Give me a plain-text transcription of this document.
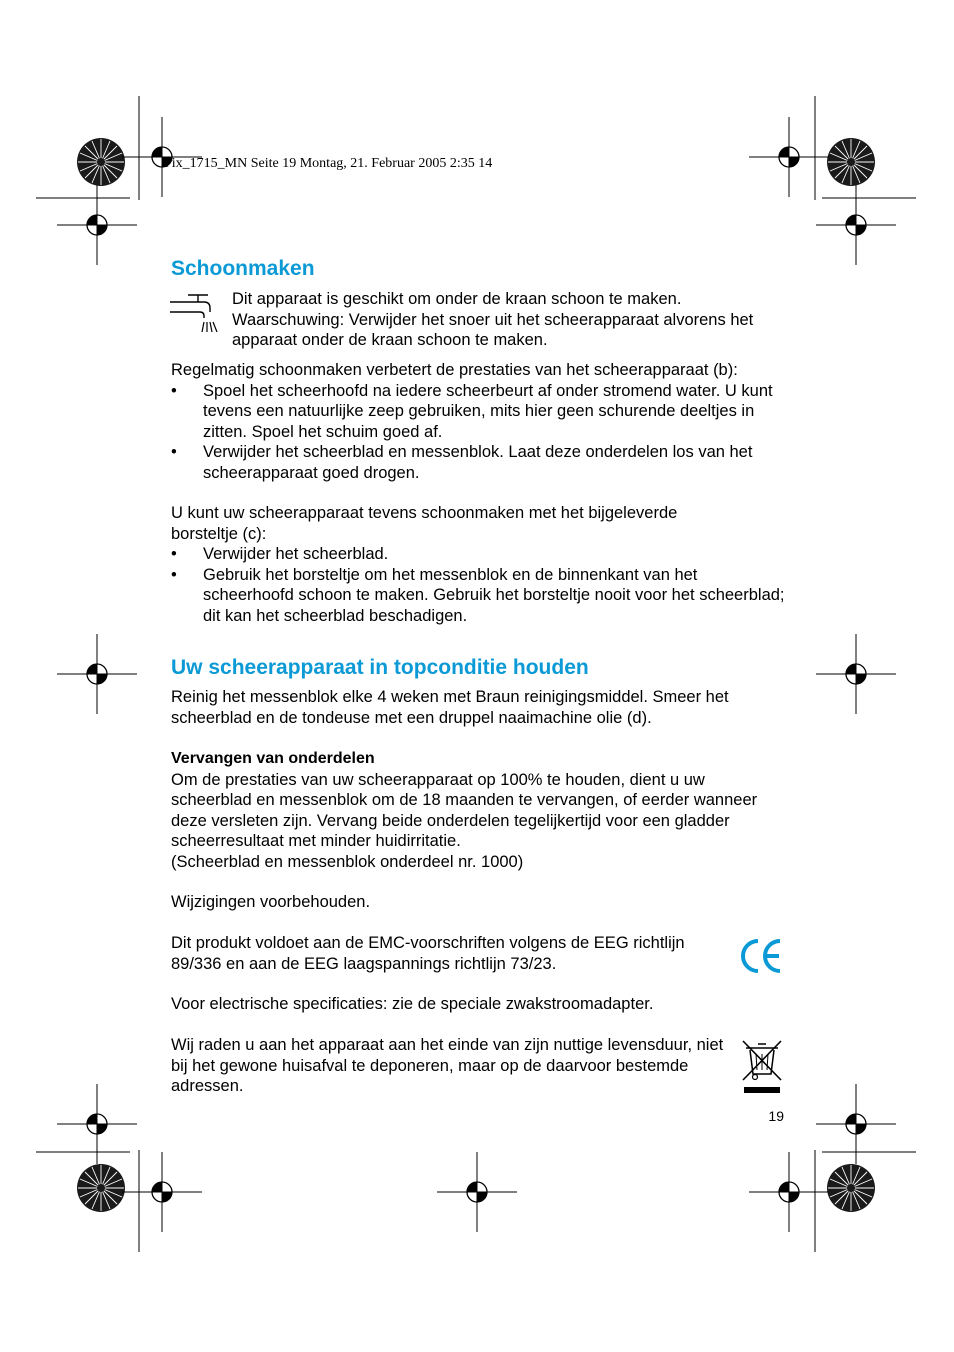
Fix_1715_MN Seite 19 Montag, 21. Februar 2005 2:35 14
Schoonmaken

Dit apparaat is geschikt om onder de kraan schoon te maken.

Waarschuwing: Verwijder het snoer uit het scheerapparaat alvorens het apparaat onder de kraan schoon te maken.

Regelmatig schoonmaken verbetert de prestaties van het scheerapparaat (b):

• Spoel het scheerhoofd na iedere scheerbeurt af onder stromend water. U kunt tevens een natuurlijke zeep gebruiken, mits hier geen schurende deeltjes in zitten. Spoel het schuim goed af.
• Verwijder het scheerblad en messenblok. Laat deze onderdelen los van het scheerapparaat goed drogen.

U kunt uw scheerapparaat tevens schoonmaken met het bijgeleverde borsteltje (c):

• Verwijder het scheerblad.
• Gebruik het borsteltje om het messenblok en de binnenkant van het scheerhoofd schoon te maken. Gebruik het borsteltje nooit voor het scheerblad; dit kan het scheerblad beschadigen.
Uw scheerapparaat in topconditie houden

Reinig het messenblok elke 4 weken met Braun reinigingsmiddel. Smeer het scheerblad en de tondeuse met een druppel naaimachine olie (d).

Vervangen van onderdelen

Om de prestaties van uw scheerapparaat op 100% te houden, dient u uw scheerblad en messenblok om de 18 maanden te vervangen, of eerder wanneer deze versleten zijn. Vervang beide onderdelen tegelijkertijd voor een gladder scheerresultaat met minder huidirritatie.

(Scheerblad en messenblok onderdeel nr. 1000)

Wijzigingen voorbehouden.

Dit produkt voldoet aan de EMC-voorschriften volgens de EEG richtlijn 89/336 en aan de EEG laagspannings richtlijn 73/23.

Voor electrische specificaties: zie de speciale zwakstroomadapter.

Wij raden u aan het apparaat aan het einde van zijn nuttige levensduur, niet bij het gewone huisafval te deponeren, maar op de daarvoor bestemde adressen.

19
